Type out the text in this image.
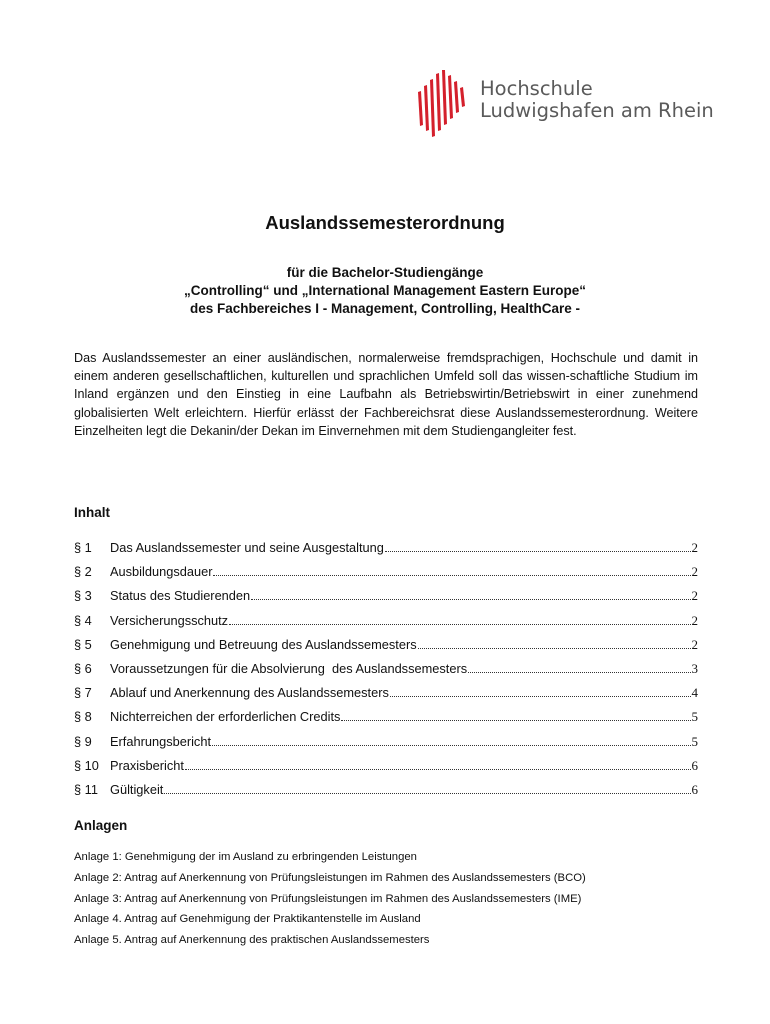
Hochschule
Ludwigshafen am Rhein
Auslandssemesterordnung
für die Bachelor-Studiengänge
„Controlling“ und „International Management Eastern Europe“
des Fachbereiches I - Management, Controlling, HealthCare -
Das Auslandssemester an einer ausländischen, normalerweise fremdsprachigen, Hochschule und damit in einem anderen gesellschaftlichen, kulturellen und sprachlichen Umfeld soll das wissen-schaftliche Studium im Inland ergänzen und den Einstieg in eine Laufbahn als Betriebswirtin/Betriebswirt in einer zunehmend globalisierten Welt erleichtern. Hierfür erlässt der Fachbereichsrat diese Auslandssemesterordnung. Weitere Einzelheiten legt die Dekanin/der Dekan im Einvernehmen mit dem Studiengangleiter fest.
Inhalt
§ 1	Das Auslandssemester und seine Ausgestaltung	2
§ 2	Ausbildungsdauer	2
§ 3	Status des Studierenden	2
§ 4	Versicherungsschutz	2
§ 5	Genehmigung und Betreuung des Auslandssemesters	2
§ 6	Voraussetzungen für die Absolvierung  des Auslandssemesters	3
§ 7	Ablauf und Anerkennung des Auslandssemesters	4
§ 8	Nichterreichen der erforderlichen Credits	5
§ 9	Erfahrungsbericht	5
§ 10 Praxisbericht	6
§ 11 Gültigkeit	6
Anlagen
Anlage 1: Genehmigung der im Ausland zu erbringenden Leistungen
Anlage 2: Antrag auf Anerkennung von Prüfungsleistungen im Rahmen des Auslandssemesters (BCO)
Anlage 3: Antrag auf Anerkennung von Prüfungsleistungen im Rahmen des Auslandssemesters (IME)
Anlage 4. Antrag auf Genehmigung der Praktikantenstelle im Ausland
Anlage 5. Antrag auf Anerkennung des praktischen Auslandssemesters
